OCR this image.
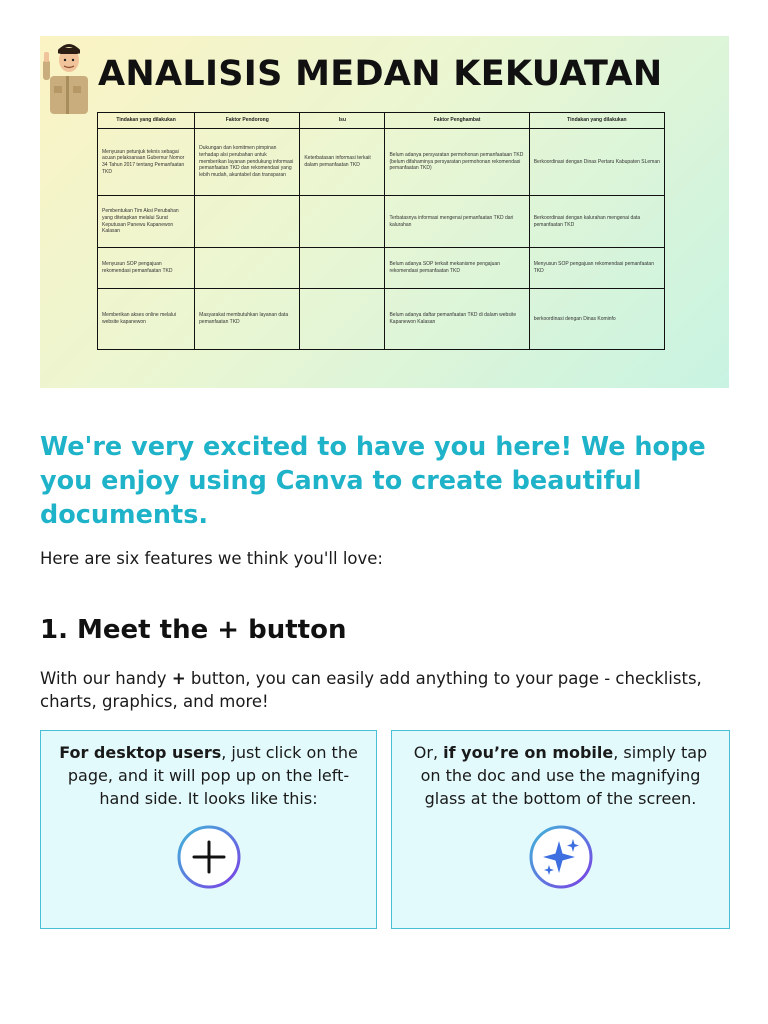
ANALISIS MEDAN KEKUATAN
Tindakan yang dilakukan	Faktor Pendorong	Isu	Faktor Penghambat	Tindakan yang dilakukan
Menyusun petunjuk teknis sebagai acuan pelaksanaan Gubernur Nomor 34 Tahun 2017 tentang Pemanfaatan TKD	Dukungan dan komitmen pimpinan terhadap alsi perubahan untuk memberikan layanan pendukung informasi pemanfaatan TKD dan rekomendasi yang lebih mudah, akuntabel dan transparan	Keterbatasan informasi terkait dalam pemanfaatan TKD	Belum adanya persyaratan permohonan pemanfaataan TKD (belum difahaminya persyaratan permohonan rekomendasi pemanfaatan TKD)	Berkoordinasi dengan Dinas Pertaru Kabupaten SLeman
Pembentukan Tim Aksi Perubahan yang ditetapkan melalui Surat Keputusan Panewu Kapanewon Kalasan			Terbatasnya informasi mengenai pemanfaatan TKD dari kalurahan	Berkoordinasi dengan kalurahan mengenai data pemanfaatan TKD
Menyusun SOP pengajuan rekomendasi pemanfaatan TKD			Belum adanya SOP terkait mekanisme pengajuan rekomendasi pemanfaatan TKD	Menyusun SOP pengajuan rekomendasi pemanfaatan TKD
Memberikan akses online melalui website kapanewon	Masyarakat membutuhkan layanan data pemanfaatan TKD		Belum adanya daftar pemanfaatan TKD di dalam website Kapanewon Kalasan	berkoordinasi dengan Dinas Kominfo
We're very excited to have you here! We hope you enjoy using Canva to create beautiful documents.

Here are six features we think you'll love:

1. Meet the + button

With our handy + button, you can easily add anything to your page - checklists, charts, graphics, and more!

For desktop users, just click on the page, and it will pop up on the left-hand side. It looks like this:

Or, if you’re on mobile, simply tap on the doc and use the magnifying glass at the bottom of the screen.
